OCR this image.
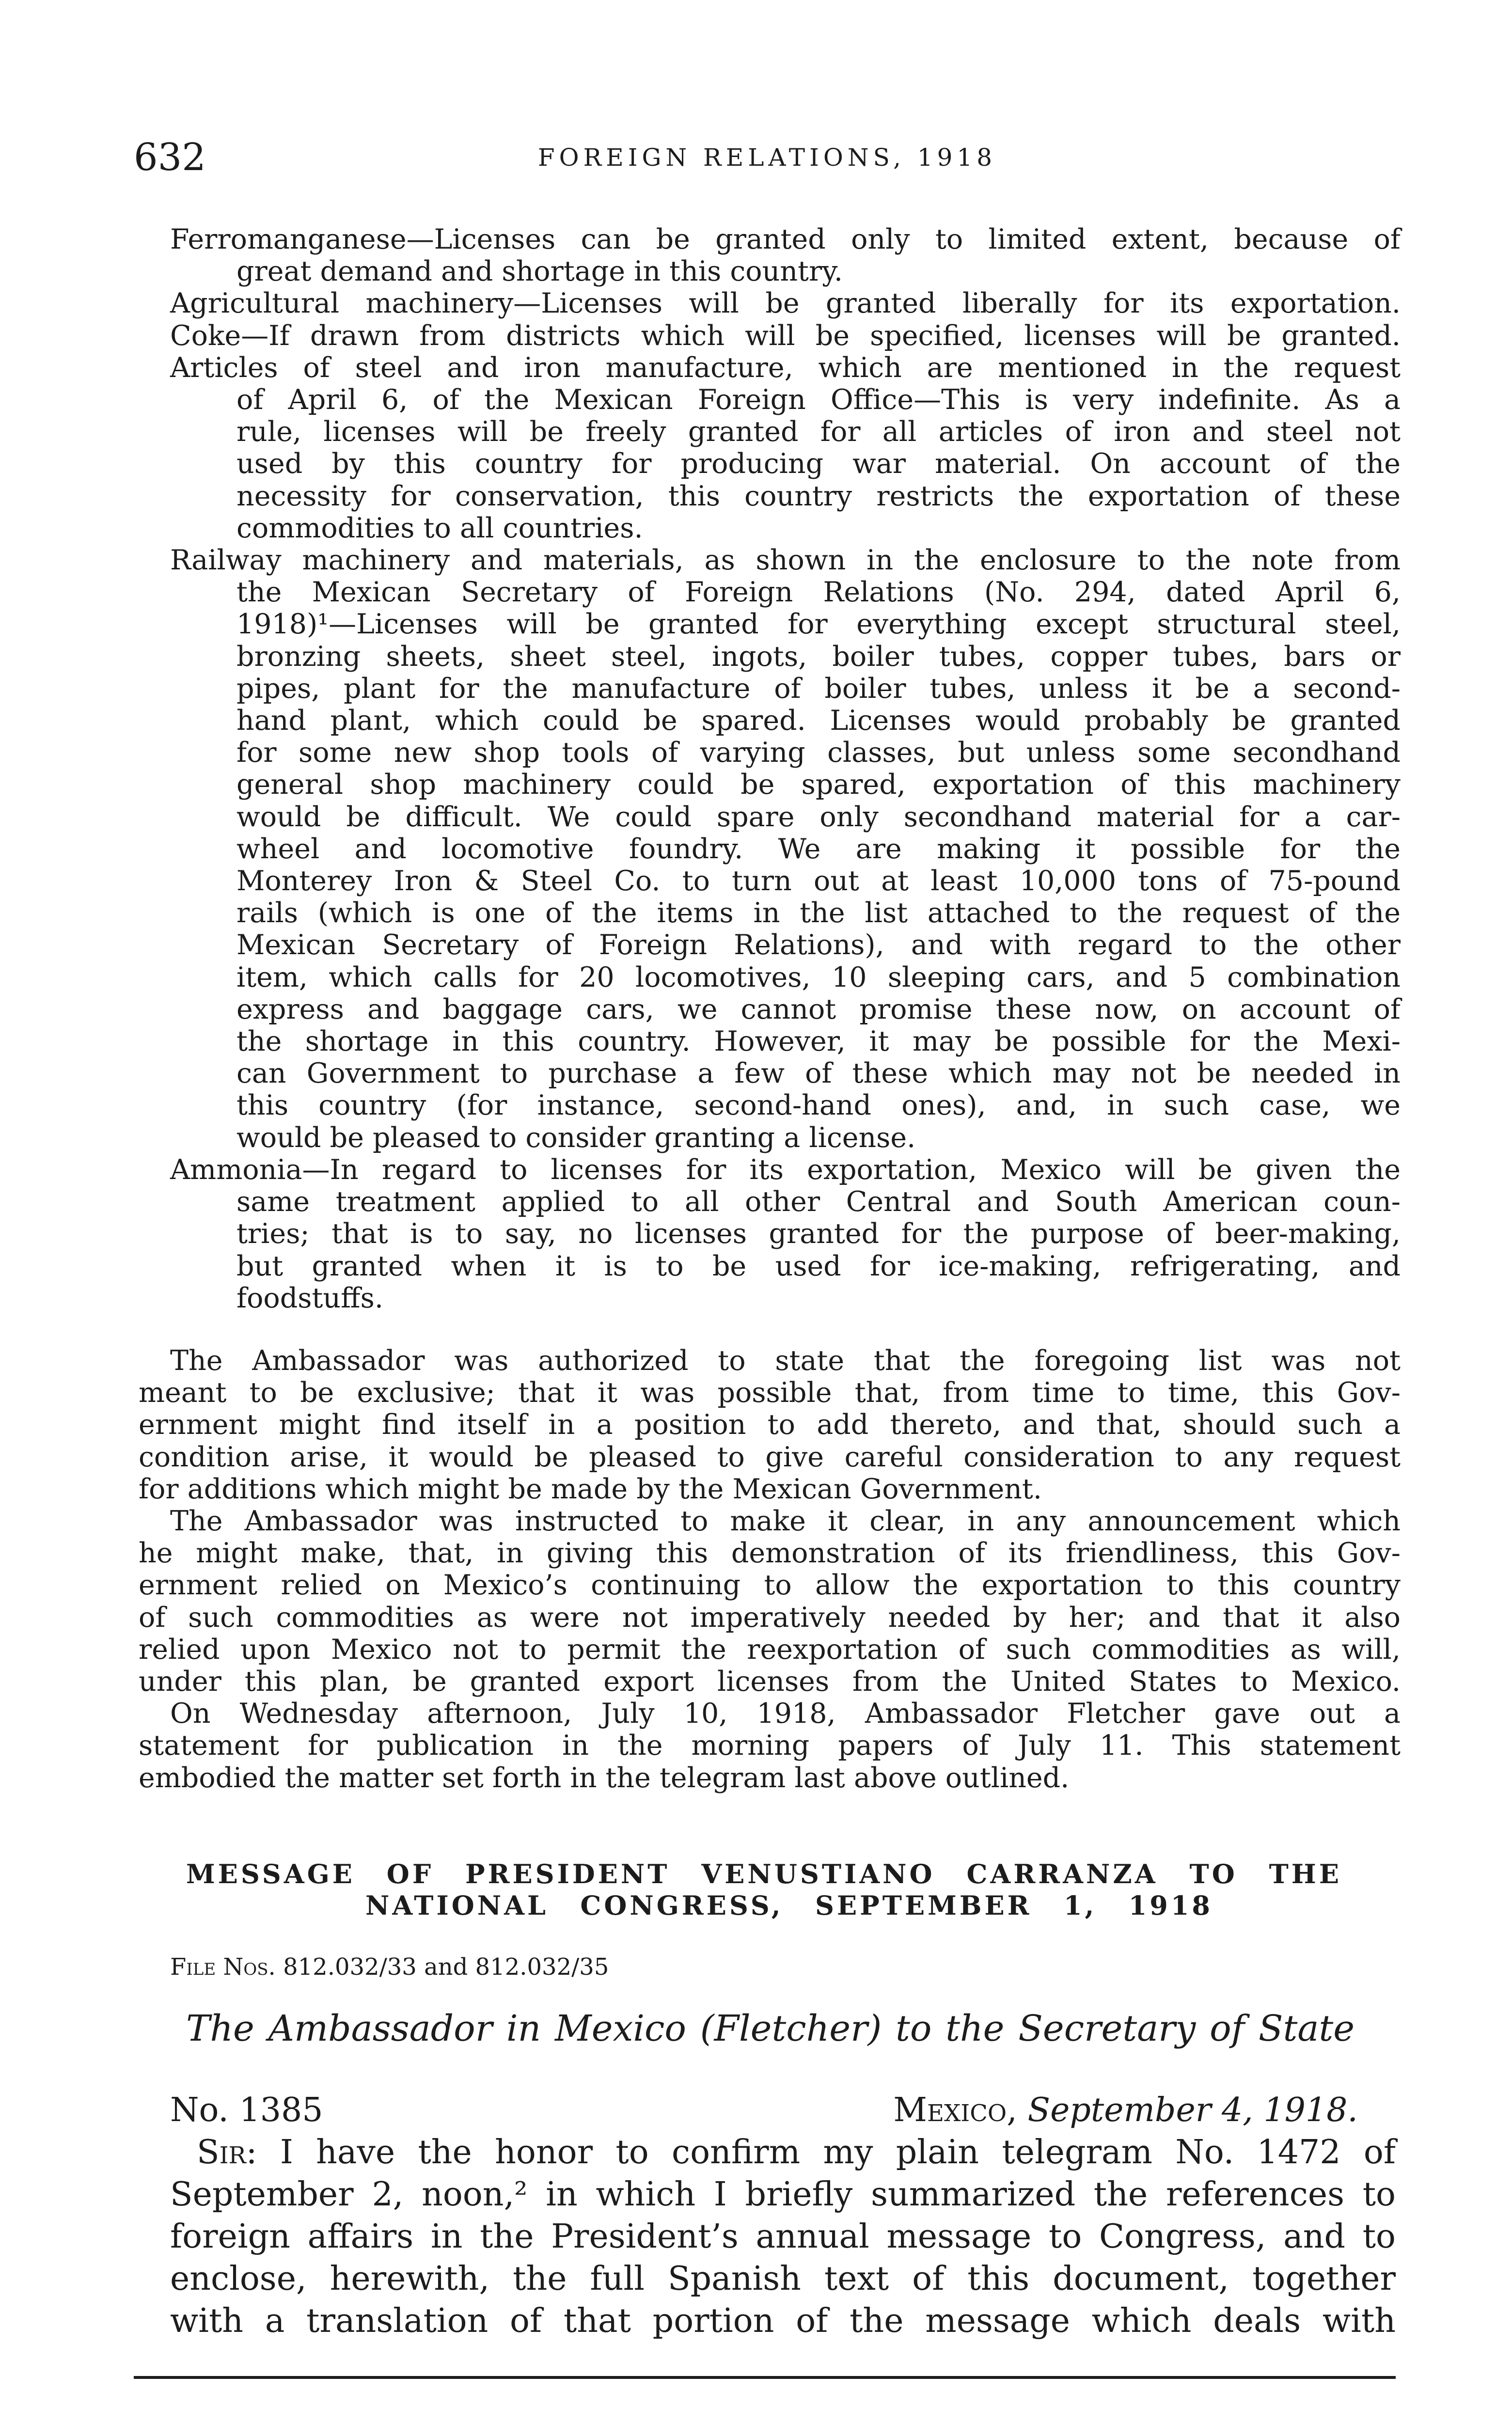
632	FOREIGN RELATIONS, 1918
Ferromanganese—Licenses can be granted only to limited extent, because of
great demand and shortage in this country.
Agricultural machinery—Licenses will be granted liberally for its exportation.
Coke—If drawn from districts which will be specified, licenses will be granted.
Articles of steel and iron manufacture, which are mentioned in the request
of April 6, of the Mexican Foreign Office—This is very indefinite. As a
rule, licenses will be freely granted for all articles of iron and steel not
used by this country for producing war material. On account of the
necessity for conservation, this country restricts the exportation of these
commodities to all countries.
Railway machinery and materials, as shown in the enclosure to the note from
the Mexican Secretary of Foreign Relations (No. 294, dated April 6,
1918)¹—Licenses will be granted for everything except structural steel,
bronzing sheets, sheet steel, ingots, boiler tubes, copper tubes, bars or
pipes, plant for the manufacture of boiler tubes, unless it be a second-
hand plant, which could be spared. Licenses would probably be granted
for some new shop tools of varying classes, but unless some secondhand
general shop machinery could be spared, exportation of this machinery
would be difficult. We could spare only secondhand material for a car-
wheel and locomotive foundry. We are making it possible for the
Monterey Iron & Steel Co. to turn out at least 10,000 tons of 75-pound
rails (which is one of the items in the list attached to the request of the
Mexican Secretary of Foreign Relations), and with regard to the other
item, which calls for 20 locomotives, 10 sleeping cars, and 5 combination
express and baggage cars, we cannot promise these now, on account of
the shortage in this country. However, it may be possible for the Mexi-
can Government to purchase a few of these which may not be needed in
this country (for instance, second-hand ones), and, in such case, we
would be pleased to consider granting a license.
Ammonia—In regard to licenses for its exportation, Mexico will be given the
same treatment applied to all other Central and South American coun-
tries; that is to say, no licenses granted for the purpose of beer-making,
but granted when it is to be used for ice-making, refrigerating, and
foodstuffs.
The Ambassador was authorized to state that the foregoing list was not
meant to be exclusive; that it was possible that, from time to time, this Gov-
ernment might find itself in a position to add thereto, and that, should such a
condition arise, it would be pleased to give careful consideration to any request
for additions which might be made by the Mexican Government.
The Ambassador was instructed to make it clear, in any announcement which
he might make, that, in giving this demonstration of its friendliness, this Gov-
ernment relied on Mexico’s continuing to allow the exportation to this country
of such commodities as were not imperatively needed by her; and that it also
relied upon Mexico not to permit the reexportation of such commodities as will,
under this plan, be granted export licenses from the United States to Mexico.
On Wednesday afternoon, July 10, 1918, Ambassador Fletcher gave out a
statement for publication in the morning papers of July 11. This statement
embodied the matter set forth in the telegram last above outlined.
MESSAGE OF PRESIDENT VENUSTIANO CARRANZA TO THE
NATIONAL CONGRESS, SEPTEMBER 1, 1918
File Nos. 812.032/33 and 812.032/35
The Ambassador in Mexico (Fletcher) to the Secretary of State
No. 1385	Mexico, September 4, 1918.
Sir: I have the honor to confirm my plain telegram No. 1472 of
September 2, noon,² in which I briefly summarized the references to
foreign affairs in the President’s annual message to Congress, and to
enclose, herewith, the full Spanish text of this document, together
with a translation of that portion of the message which deals with
